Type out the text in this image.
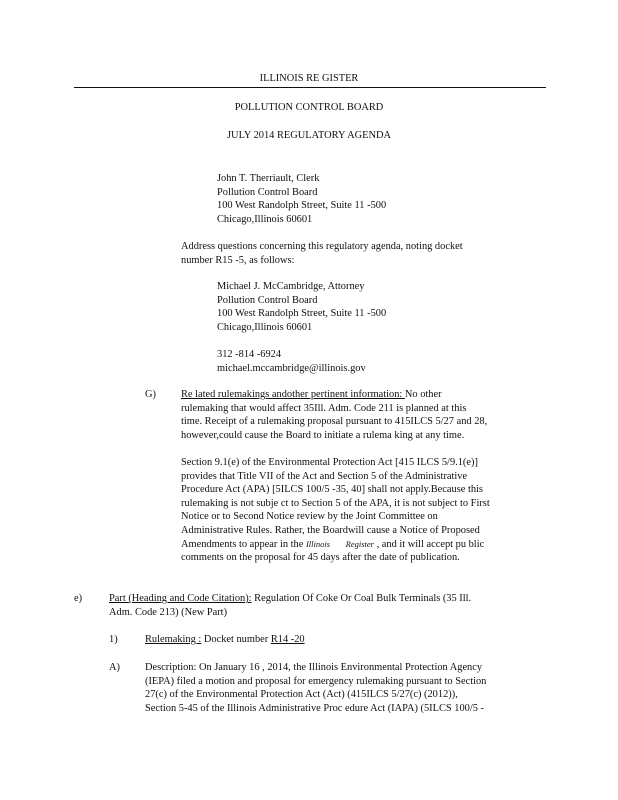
ILLINOIS RE GISTER
POLLUTION CONTROL BOARD
JULY 2014 REGULATORY AGENDA
John T. Therriault, Clerk
Pollution Control Board
100 West Randolph Street, Suite 11 -500
Chicago,Illinois 60601
Address questions concerning this regulatory agenda, noting docket
number R15 -5, as follows:
Michael J. McCambridge, Attorney
Pollution Control Board
100 West Randolph Street, Suite 11 -500
Chicago,Illinois 60601
312 -814 -6924
michael.mccambridge@illinois.gov
G) Re lated rulemakings andother pertinent information: No other
rulemaking that would affect 35Ill. Adm. Code 211 is planned at this
time. Receipt of a rulemaking proposal pursuant to 415ILCS 5/27 and 28,
however,could cause the Board to initiate a rulema king at any time.
Section 9.1(e) of the Environmental Protection Act [415 ILCS 5/9.1(e)]
provides that Title VII of the Act and Section 5 of the Administrative
Procedure Act (APA) [5ILCS 100/5 -35, 40] shall not apply.Because this
rulemaking is not subje ct to Section 5 of the APA, it is not subject to First
Notice or to Second Notice review by the Joint Committee on
Administrative Rules. Rather, the Boardwill cause a Notice of Proposed
Amendments to appear in the Illinois Register , and it will accept pu blic
comments on the proposal for 45 days after the date of publication.
e)	Part (Heading and Code Citation): Regulation Of Coke Or Coal Bulk Terminals (35 Ill.
Adm. Code 213) (New Part)
1)	Rulemaking : Docket number R14 -20
A) Description: On January 16 , 2014, the Illinois Environmental Protection Agency
(IEPA) filed a motion and proposal for emergency rulemaking pursuant to Section
27(c) of the Environmental Protection Act (Act) (415ILCS 5/27(c) (2012)),
Section 5-45 of the Illinois Administrative Proc edure Act (IAPA) (5ILCS 100/5 -
